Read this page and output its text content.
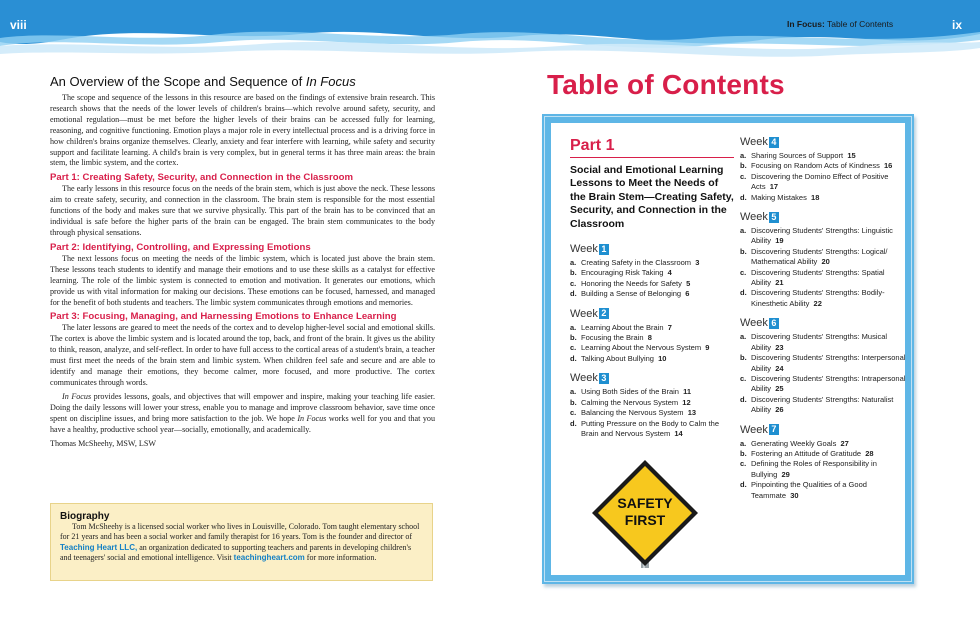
viii	ix
In Focus: Table of Contents
An Overview of the Scope and Sequence of In Focus

The scope and sequence of the lessons in this resource are based on the findings of extensive brain research. This research shows that the needs of the lower levels of children's brains—which revolve around safety, security, and emotional regulation—must be met before the higher levels of their brains can be accessed fully for learning, reasoning, and cognitive functioning. Emotion plays a major role in every intellectual process and is a driving force in how children's brains organize themselves. Clearly, anxiety and fear interfere with learning, while safety and security support and facilitate learning. A child's brain is very complex, but in general terms it has three main areas: the brain stem, the limbic system, and the cortex.

Part 1: Creating Safety, Security, and Connection in the Classroom

The early lessons in this resource focus on the needs of the brain stem, which is just above the neck. These lessons aim to create safety, security, and connection in the classroom. The brain stem is responsible for the most essential functions of the body and makes sure that we survive physically. This part of the brain has to be convinced that an individual is safe before the higher parts of the brain can be engaged. The brain stem communicates to the body through physical sensations.

Part 2: Identifying, Controlling, and Expressing Emotions

The next lessons focus on meeting the needs of the limbic system, which is located just above the brain stem. These lessons teach students to identify and manage their emotions and to use these skills as a catalyst for effective learning. The role of the limbic system is connected to emotion and motivation. It generates our emotions, which provide us with vital information for making our decisions. These emotions can be focused, harnessed, and managed for the benefit of both students and teachers. The limbic system communicates through emotions and memories.

Part 3: Focusing, Managing, and Harnessing Emotions to Enhance Learning

The later lessons are geared to meet the needs of the cortex and to develop higher-level social and emotional skills. The cortex is above the limbic system and is located around the top, back, and front of the brain. It gives us the ability to think, reason, analyze, and self-reflect. In order to have full access to the cortical areas of a student's brain, a teacher must first meet the needs of the brain stem and limbic system. When children feel safe and secure and are able to identify and manage their emotions, they become calmer, more focused, and more productive. The cortex communicates through words.

In Focus provides lessons, goals, and objectives that will empower and inspire, making your teaching life easier. Doing the daily lessons will lower your stress, enable you to manage and improve classroom behavior, save time once spent on discipline issues, and bring more satisfaction to the job. We hope In Focus works well for you and that you have a healthy, productive school year—socially, emotionally, and academically.

Thomas McSheehy, MSW, LSW

Biography

Tom McSheehy is a licensed social worker who lives in Louisville, Colorado. Tom taught elementary school for 21 years and has been a social worker and family therapist for 16 years. Tom is the founder and director of Teaching Heart LLC, an organization dedicated to supporting teachers and parents in developing children's and teenagers' social and emotional intelligence. Visit teachingheart.com for more information.

Table of Contents
Part 1
Social and Emotional Learning Lessons to Meet the Needs of the Brain Stem—Creating Safety, Security, and Connection in the Classroom
Week 1
a. Creating Safety in the Classroom 3
b. Encouraging Risk Taking 4
c. Honoring the Needs for Safety 5
d. Building a Sense of Belonging 6
Week 2
a. Learning About the Brain 7
b. Focusing the Brain 8
c. Learning About the Nervous System 9
d. Talking About Bullying 10
Week 3
a. Using Both Sides of the Brain 11
b. Calming the Nervous System 12
c. Balancing the Nervous System 13
d. Putting Pressure on the Body to Calm the Brain and Nervous System 14
Week 4
a. Sharing Sources of Support 15
b. Focusing on Random Acts of Kindness 16
c. Discovering the Domino Effect of Positive Acts 17
d. Making Mistakes 18
Week 5
a. Discovering Students' Strengths: Linguistic Ability 19
b. Discovering Students' Strengths: Logical/ Mathematical Ability 20
c. Discovering Students' Strengths: Spatial Ability 21
d. Discovering Students' Strengths: Bodily-Kinesthetic Ability 22
Week 6
a. Discovering Students' Strengths: Musical Ability 23
b. Discovering Students' Strengths: Interpersonal Ability 24
c. Discovering Students' Strengths: Intrapersonal Ability 25
d. Discovering Students' Strengths: Naturalist Ability 26
Week 7
a. Generating Weekly Goals 27
b. Fostering an Attitude of Gratitude 28
c. Defining the Roles of Responsibility in Bullying 29
d. Pinpointing the Qualities of a Good Teammate 30
SAFETY
FIRST
